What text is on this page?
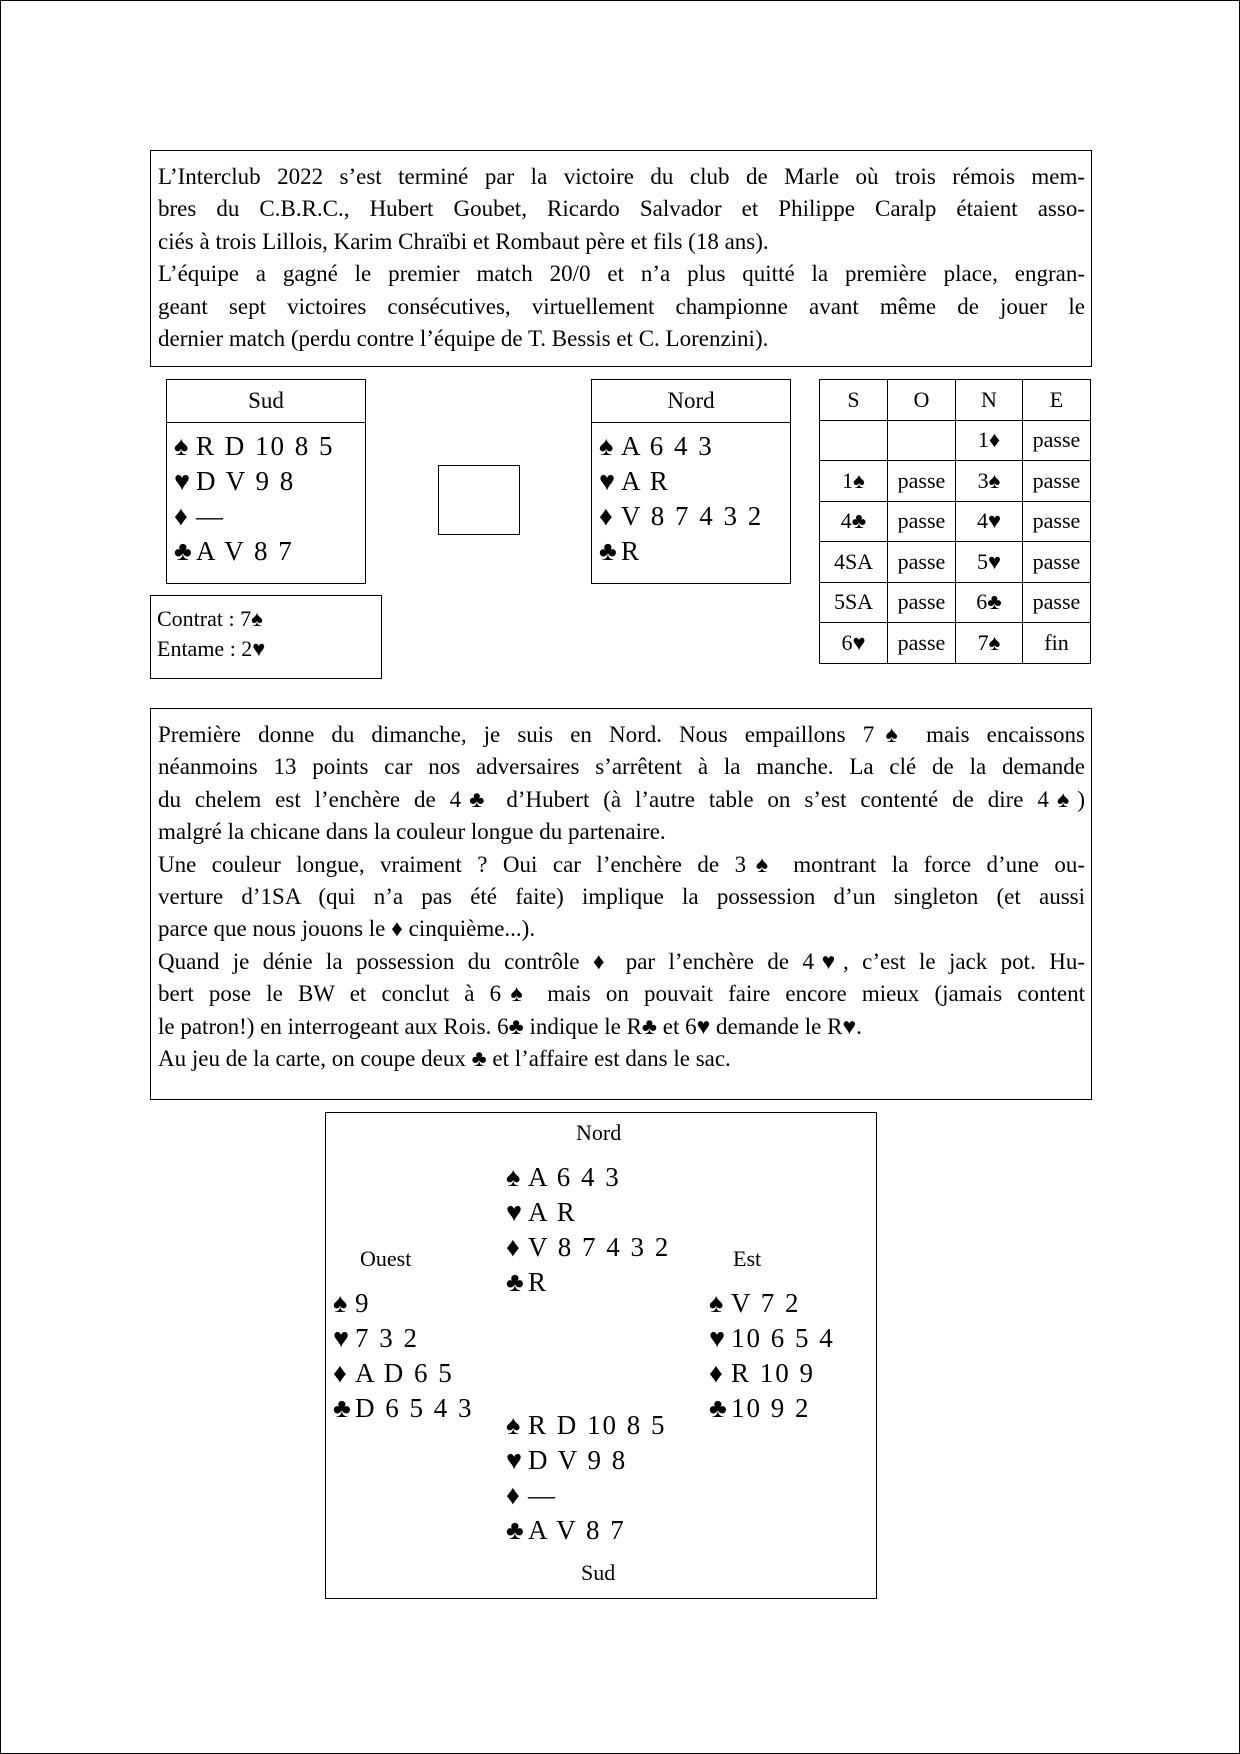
L’Interclub 2022 s’est terminé par la victoire du club de Marle où trois rémois mem-

bres du C.B.R.C., Hubert Goubet, Ricardo Salvador et Philippe Caralp étaient asso-

ciés à trois Lillois, Karim Chraïbi et Rombaut père et fils (18 ans).

L’équipe a gagné le premier match 20/0 et n’a plus quitté la première place, engran-

geant sept victoires consécutives, virtuellement championne avant même de jouer le

dernier match (perdu contre l’équipe de T. Bessis et C. Lorenzini).

Sud
♠ R D 10 8 5
♥ D V 9 8
♦ —
♣ A V 8 7
Nord
♠ A 6 4 3
♥ A R
♦ V 8 7 4 3 2
♣ R
Contrat : 7♠
Entame : 2♥
S	O	N	E
		1♦	passe
1♠	passe	3♠	passe
4♣	passe	4♥	passe
4SA	passe	5♥	passe
5SA	passe	6♣	passe
6♥	passe	7♠	fin

Première donne du dimanche, je suis en Nord. Nous empaillons 7♠ mais encaissons

néanmoins 13 points car nos adversaires s’arrêtent à la manche. La clé de la demande

du chelem est l’enchère de 4♣ d’Hubert (à l’autre table on s’est contenté de dire 4♠)

malgré la chicane dans la couleur longue du partenaire.

Une couleur longue, vraiment ? Oui car l’enchère de 3♠ montrant la force d’une ou-

verture d’1SA (qui n’a pas été faite) implique la possession d’un singleton (et aussi

parce que nous jouons le ♦ cinquième...).

Quand je dénie la possession du contrôle ♦ par l’enchère de 4♥, c’est le jack pot. Hu-

bert pose le BW et conclut à 6♠ mais on pouvait faire encore mieux (jamais content

le patron!) en interrogeant aux Rois. 6♣ indique le R♣ et 6♥ demande le R♥.

Au jeu de la carte, on coupe deux ♣ et l’affaire est dans le sac.

Nord
♠ A 6 4 3
♥ A R
♦ V 8 7 4 3 2
♣ R
Ouest
♠ 9
♥ 7 3 2
♦ A D 6 5
♣ D 6 5 4 3
Est
♠ V 7 2
♥ 10 6 5 4
♦ R 10 9
♣ 10 9 2
♠ R D 10 8 5
♥ D V 9 8
♦ —
♣ A V 8 7
Sud
